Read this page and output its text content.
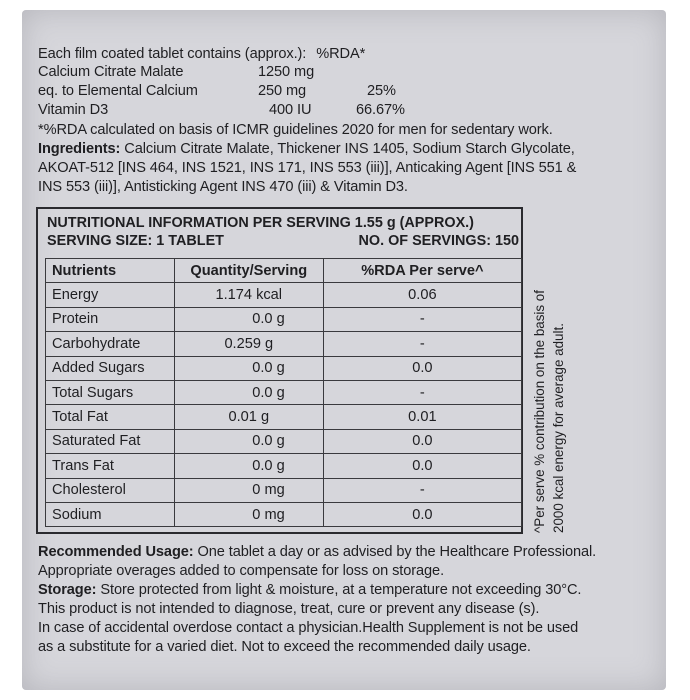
Each film coated tablet contains (approx.): %RDA*
Calcium Citrate Malate	1250 mg
eq. to Elemental Calcium	250 mg	25%
Vitamin D3	400 IU	66.67%
*%RDA calculated on basis of ICMR guidelines 2020 for men for sedentary work.
Ingredients: Calcium Citrate Malate, Thickener INS 1405, Sodium Starch Glycolate,
AKOAT-512 [INS 464, INS 1521, INS 171, INS 553 (iii)], Anticaking Agent [INS 551 &
INS 553 (iii)], Antisticking Agent INS 470 (iii) & Vitamin D3.
NUTRITIONAL INFORMATION PER SERVING 1.55 g (APPROX.)
SERVING SIZE: 1 TABLET	NO. OF SERVINGS: 150
Nutrients	Quantity/Serving	%RDA Per serve^
Energy	1.174 kcal	0.06
Protein	0.0 g	-
Carbohydrate	0.259 g	-
Added Sugars	0.0 g	0.0
Total Sugars	0.0 g	-
Total Fat	0.01 g	0.01
Saturated Fat	0.0 g	0.0
Trans Fat	0.0 g	0.0
Cholesterol	0 mg	-
Sodium	0 mg	0.0	^Per serve % contribution on the basis of 2000 kcal energy for average adult.
Recommended Usage: One tablet a day or as advised by the Healthcare Professional.
Appropriate overages added to compensate for loss on storage.
Storage: Store protected from light & moisture, at a temperature not exceeding 30°C.
This product is not intended to diagnose, treat, cure or prevent any disease (s).
In case of accidental overdose contact a physician.Health Supplement is not be used
as a substitute for a varied diet. Not to exceed the recommended daily usage.
